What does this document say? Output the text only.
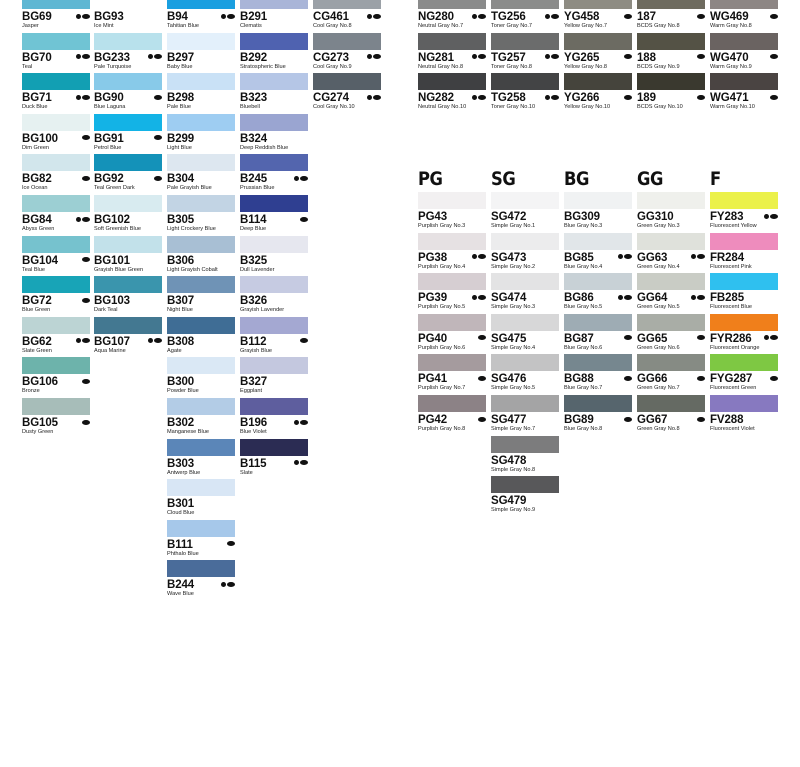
PG	SG	BG	GG F
BG69
Jasper
BG70
Teal
BG71
Duck Blue
BG100
Dim Green
BG82
Ice Ocean
BG84
Abyss Green
BG104
Teal Blue
BG72
Blue Green
BG62
Slate Green
BG106
Bronze
BG105
Dusty Green
BG93
Ice Mint
BG233
Pale Turquoise
BG90
Blue Laguna
BG91
Petrol Blue
BG92
Teal Green Dark
BG102
Soft Greenish Blue
BG101
Grayish Blue Green
BG103
Dark Teal
BG107
Aqua Marine
B94
Tahitian Blue
B297
Baby Blue
B298
Pale Blue
B299
Light Blue
B304
Pale Grayish Blue
B305
Light Crockery Blue
B306
Light Grayish Cobalt
B307
Night Blue
B308
Agate
B300
Powder Blue
B302
Manganese Blue
B303
Antwerp Blue
B301
Cloud Blue
B111
Phthalo Blue
B244
Wave Blue
B291
Clematis
B292
Stratospheric Blue
B323
Bluebell
B324
Deep Reddish Blue
B245
Prussian Blue
B114
Deep Blue
B325
Dull Lavender
B326
Grayish Lavender
B112
Grayish Blue
B327
Eggplant
B196
Blue Violet
B115
Slate
CG461
Cool Gray No.8
CG273
Cool Gray No.9
CG274
Cool Gray No.10
NG280
Neutral Gray No.7
NG281
Neutral Gray No.8
NG282
Neutral Gray No.10
TG256
Toner Gray No.7
TG257
Toner Gray No.8
TG258
Toner Gray No.10
YG458
Yellow Gray No.7
YG265
Yellow Gray No.8
YG266
Yellow Gray No.10
187
BCDS Gray No.8
188
BCDS Gray No.9
189
BCDS Gray No.10
WG469
Warm Gray No.8
WG470
Warm Gray No.9
WG471
Warm Gray No.10
PG43
Purplish Gray No.3
PG38
Purplish Gray No.4
PG39
Purplish Gray No.5
PG40
Purplish Gray No.6
PG41
Purplish Gray No.7
PG42
Purplish Gray No.8
SG472
Simple Gray No.1
SG473
Simple Gray No.2
SG474
Simple Gray No.3
SG475
Simple Gray No.4
SG476
Simple Gray No.5
SG477
Simple Gray No.7
SG478
Simple Gray No.8
SG479
Simple Gray No.9
BG309
Blue Gray No.3
BG85
Blue Gray No.4
BG86
Blue Gray No.5
BG87
Blue Gray No.6
BG88
Blue Gray No.7
BG89
Blue Gray No.8
GG310
Green Gray No.3
GG63
Green Gray No.4
GG64
Green Gray No.5
GG65
Green Gray No.6
GG66
Green Gray No.7
GG67
Green Gray No.8
FY283
Fluorescent Yellow
FR284
Fluorescent Pink
FB285
Fluorescent Blue
FYR286
Fluorescent Orange
FYG287
Fluorescent Green
FV288
Fluorescent Violet
